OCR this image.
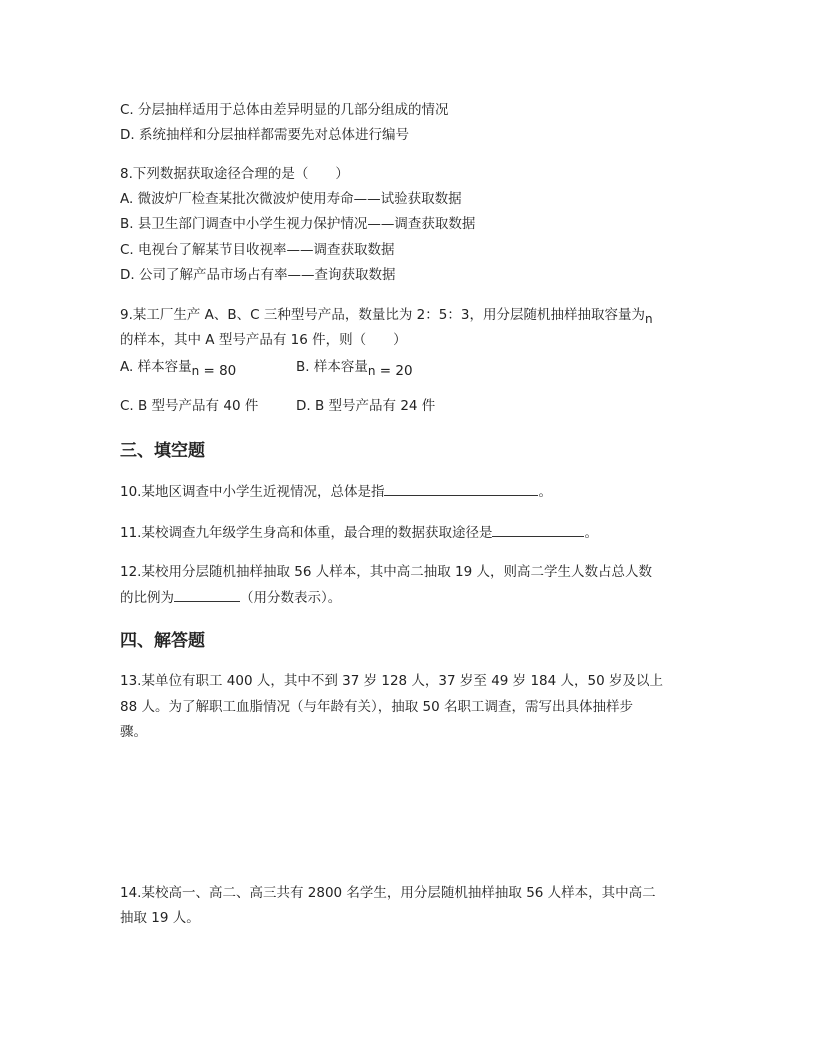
C. 分层抽样适用于总体由差异明显的几部分组成的情况
D. 系统抽样和分层抽样都需要先对总体进行编号
8.下列数据获取途径合理的是（　　）
A. 微波炉厂检查某批次微波炉使用寿命——试验获取数据
B. 县卫生部门调查中小学生视力保护情况——调查获取数据
C. 电视台了解某节目收视率——调查获取数据
D. 公司了解产品市场占有率——查询获取数据
9.某工厂生产 A、B、C 三种型号产品，数量比为 2：5：3，用分层随机抽样抽取容量为n
的样本，其中 A 型号产品有 16 件，则（　　）
A. 样本容量n = 80	B. 样本容量n = 20
C. B 型号产品有 40 件	D. B 型号产品有 24 件
三、填空题
10.某地区调查中小学生近视情况，总体是指	。
11.某校调查九年级学生身高和体重，最合理的数据获取途径是	。
12.某校用分层随机抽样抽取 56 人样本，其中高二抽取 19 人，则高二学生人数占总人数
的比例为	（用分数表示）。
四、解答题
13.某单位有职工 400 人，其中不到 37 岁 128 人，37 岁至 49 岁 184 人，50 岁及以上
88 人。为了解职工血脂情况（与年龄有关），抽取 50 名职工调查，需写出具体抽样步
骤。
14.某校高一、高二、高三共有 2800 名学生，用分层随机抽样抽取 56 人样本，其中高二
抽取 19 人。
